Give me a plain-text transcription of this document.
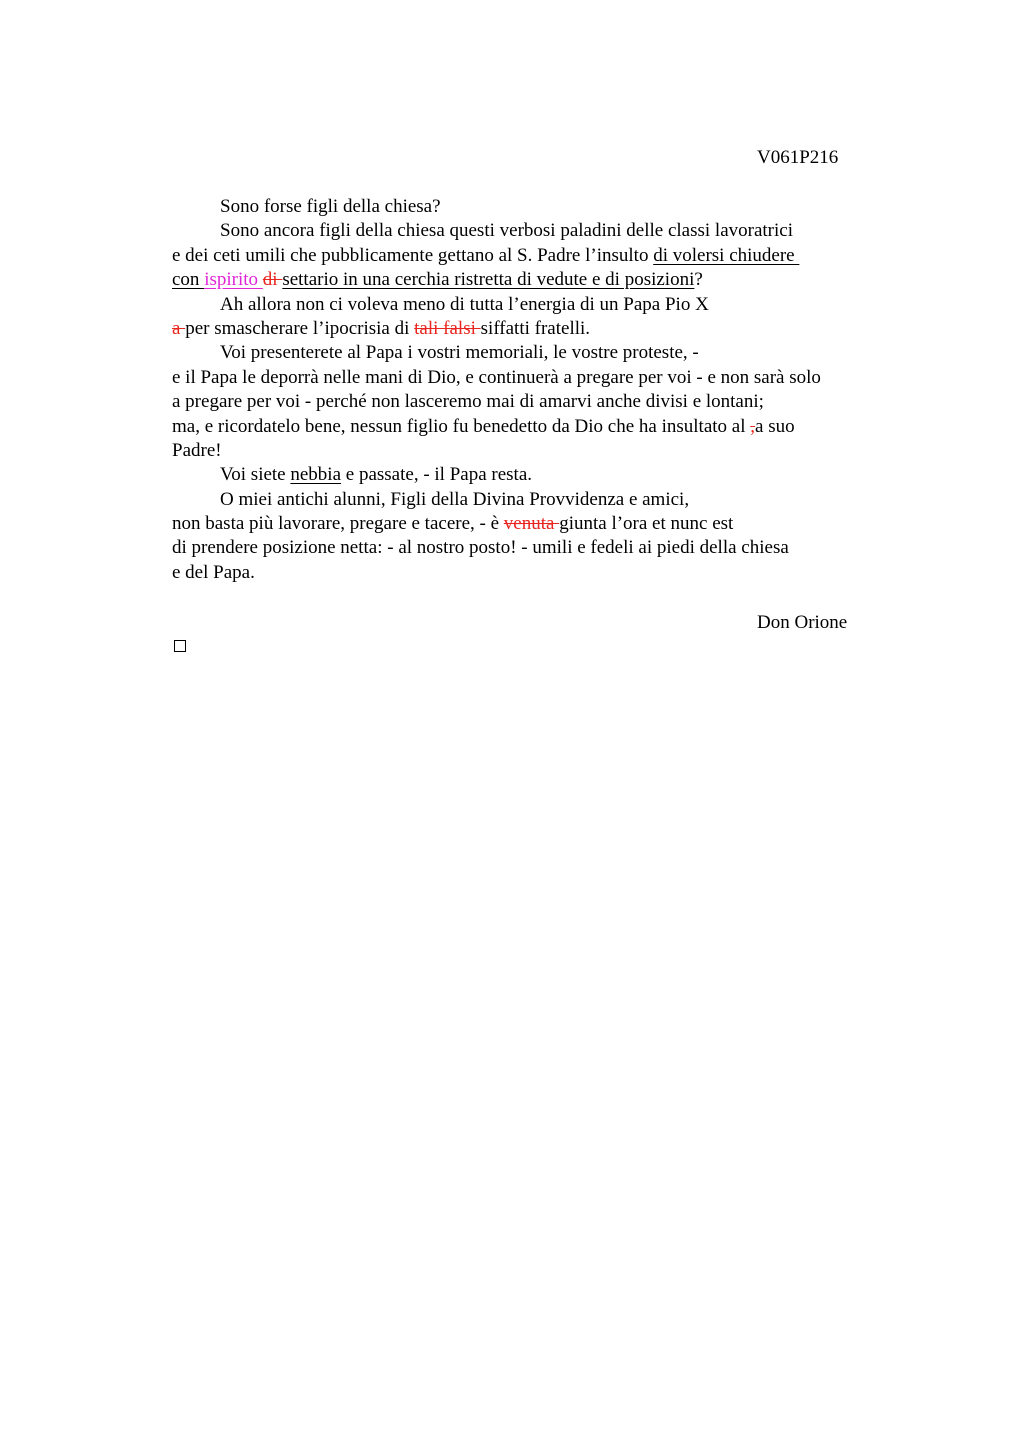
V061P216
Sono forse figli della chiesa?
Sono ancora figli della chiesa questi verbosi paladini delle classi lavoratrici
e dei ceti umili che pubblicamente gettano al S. Padre l’insulto di volersi chiudere
con ispirito di settario in una cerchia ristretta di vedute e di posizioni?
Ah allora non ci voleva meno di tutta l’energia di un Papa Pio X
a per smascherare l’ipocrisia di tali falsi siffatti fratelli.
Voi presenterete al Papa i vostri memoriali, le vostre proteste, -
e il Papa le deporrà nelle mani di Dio, e continuerà a pregare per voi - e non sarà solo
a pregare per voi - perché non lasceremo mai di amarvi anche divisi e lontani;
ma, e ricordatelo bene, nessun figlio fu benedetto da Dio che ha insultato al ,a suo
Padre!
Voi siete nebbia e passate, - il Papa resta.
O miei antichi alunni, Figli della Divina Provvidenza e amici,
non basta più lavorare, pregare e tacere, - è venuta giunta l’ora et nunc est
di prendere posizione netta: - al nostro posto! - umili e fedeli ai piedi della chiesa
e del Papa.
Don Orione
